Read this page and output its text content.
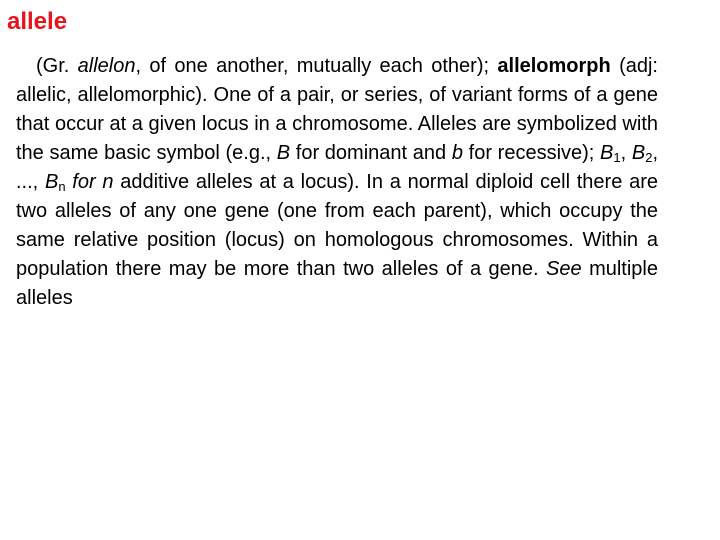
allele

(Gr. allelon, of one another, mutually each other); allelomorph (adj: allelic, allelomorphic). One of a pair, or series, of variant forms of a gene that occur at a given locus in a chromosome. Alleles are symbolized with the same basic symbol (e.g., B for dominant and b for recessive); $B_1$, $B_2$, ..., $B_n$ for n additive alleles at a locus). In a normal diploid cell there are two alleles of any one gene (one from each parent), which occupy the same relative position (locus) on homologous chromosomes. Within a population there may be more than two alleles of a gene. See multiple alleles
